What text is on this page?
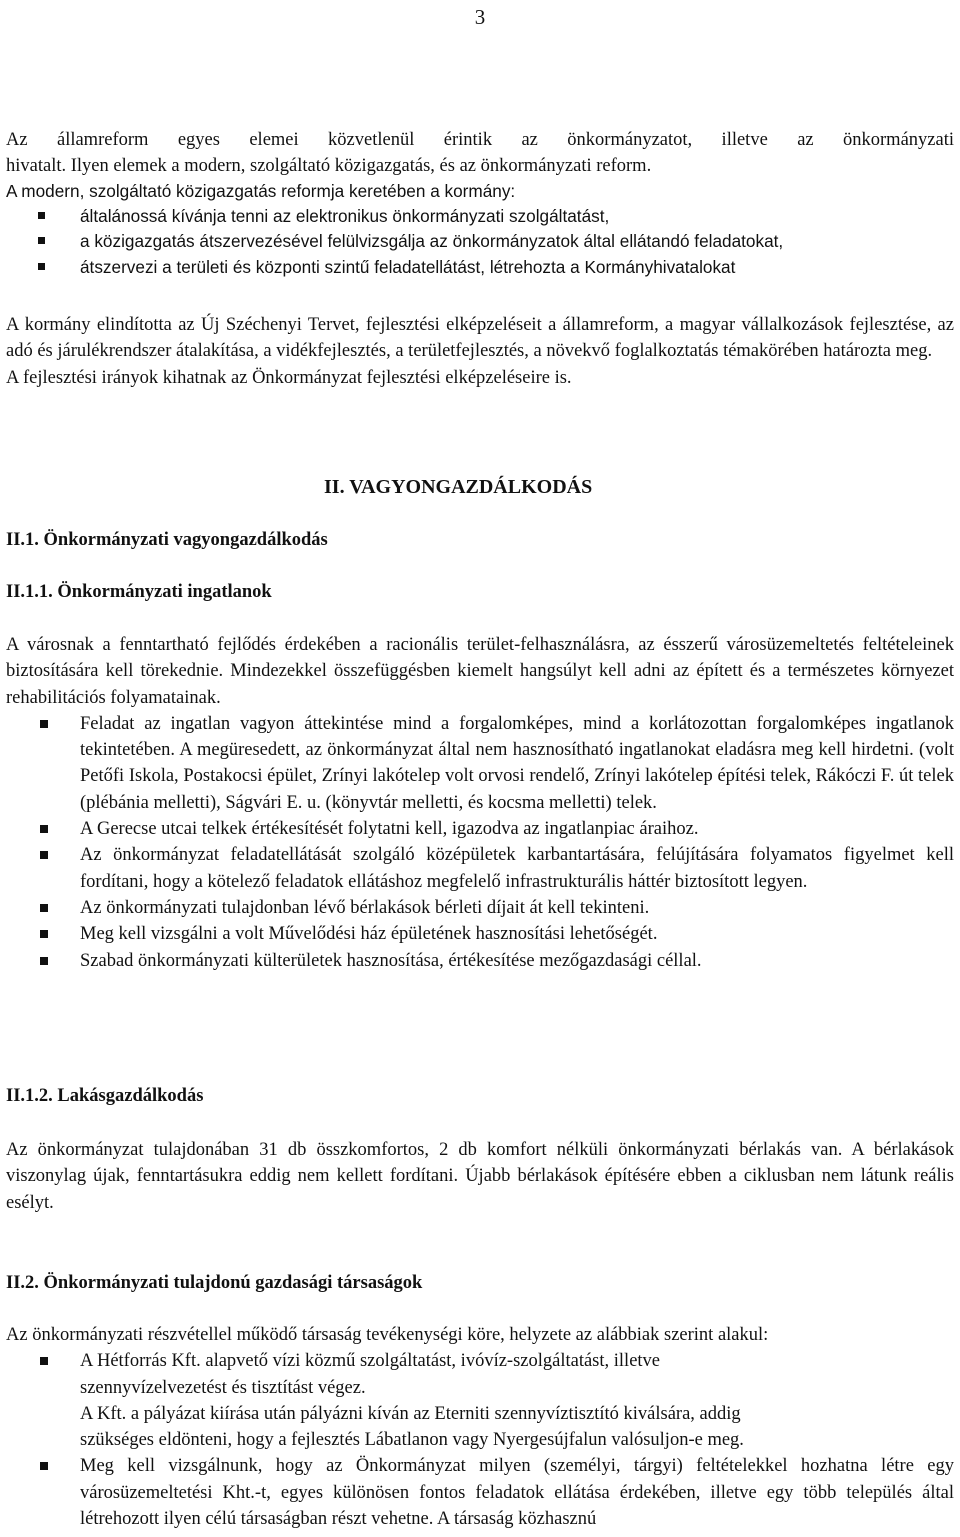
3

Az államreform egyes elemei közvetlenül érintik az önkormányzatot, illetve az önkormányzati
hivatalt. Ilyen elemek a modern, szolgáltató közigazgatás, és az önkormányzati reform.

A modern, szolgáltató közigazgatás reformja keretében a kormány:

általánossá kívánja tenni az elektronikus önkormányzati szolgáltatást,
a közigazgatás átszervezésével felülvizsgálja az önkormányzatok által ellátandó feladatokat,
átszervezi a területi és központi szintű feladatellátást, létrehozta a Kormányhivatalokat

A kormány elindította az Új Széchenyi Tervet, fejlesztési elképzeléseit a államreform, a magyar vállalkozások fejlesztése, az adó és járulékrendszer átalakítása, a vidékfejlesztés, a területfejlesztés, a növekvő foglalkoztatás témakörében határozta meg.

A fejlesztési irányok kihatnak az Önkormányzat fejlesztési elképzeléseire is.

II. VAGYONGAZDÁLKODÁS

II.1. Önkormányzati vagyongazdálkodás

II.1.1. Önkormányzati ingatlanok

A városnak a fenntartható fejlődés érdekében a racionális terület-felhasználásra, az ésszerű városüzemeltetés feltételeinek biztosítására kell törekednie. Mindezekkel összefüggésben kiemelt hangsúlyt kell adni az épített és a természetes környezet rehabilitációs folyamatainak.

Feladat az ingatlan vagyon áttekintése mind a forgalomképes, mind a korlátozottan forgalomképes ingatlanok tekintetében. A megüresedett, az önkormányzat által nem hasznosítható ingatlanokat eladásra meg kell hirdetni. (volt Petőfi Iskola, Postakocsi épület, Zrínyi lakótelep volt orvosi rendelő, Zrínyi lakótelep építési telek, Rákóczi F. út telek (plébánia melletti), Ságvári E. u. (könyvtár melletti, és kocsma melletti) telek.
A Gerecse utcai telkek értékesítését folytatni kell, igazodva az ingatlanpiac áraihoz.
Az önkormányzat feladatellátását szolgáló középületek karbantartására, felújítására folyamatos figyelmet kell fordítani, hogy a kötelező feladatok ellátáshoz megfelelő infrastrukturális háttér biztosított legyen.
Az önkormányzati tulajdonban lévő bérlakások bérleti díjait át kell tekinteni.
Meg kell vizsgálni a volt Művelődési ház épületének hasznosítási lehetőségét.
Szabad önkormányzati külterületek hasznosítása, értékesítése mezőgazdasági céllal.

II.1.2. Lakásgazdálkodás

Az önkormányzat tulajdonában 31 db összkomfortos, 2 db komfort nélküli önkormányzati bérlakás van. A bérlakások viszonylag újak, fenntartásukra eddig nem kellett fordítani. Újabb bérlakások építésére ebben a ciklusban nem látunk reális esélyt.

II.2. Önkormányzati tulajdonú gazdasági társaságok

Az önkormányzati részvétellel működő társaság tevékenységi köre, helyzete az alábbiak szerint alakul:

A Hétforrás Kft. alapvető vízi közmű szolgáltatást, ivóvíz-szolgáltatást, illetve
szennyvízelvezetést és tisztítást végez.
A Kft. a pályázat kiírása után pályázni kíván az Eterniti szennyvíztisztító kiválsára, addig
szükséges eldönteni, hogy a fejlesztés Lábatlanon vagy Nyergesújfalun valósuljon-e meg.
Meg kell vizsgálnunk, hogy az Önkormányzat milyen (személyi, tárgyi) feltételekkel hozhatna létre egy városüzemeltetési Kht.-t, egyes különösen fontos feladatok ellátása érdekében, illetve egy több település által létrehozott ilyen célú társaságban részt vehetne. A társaság közhasznú
